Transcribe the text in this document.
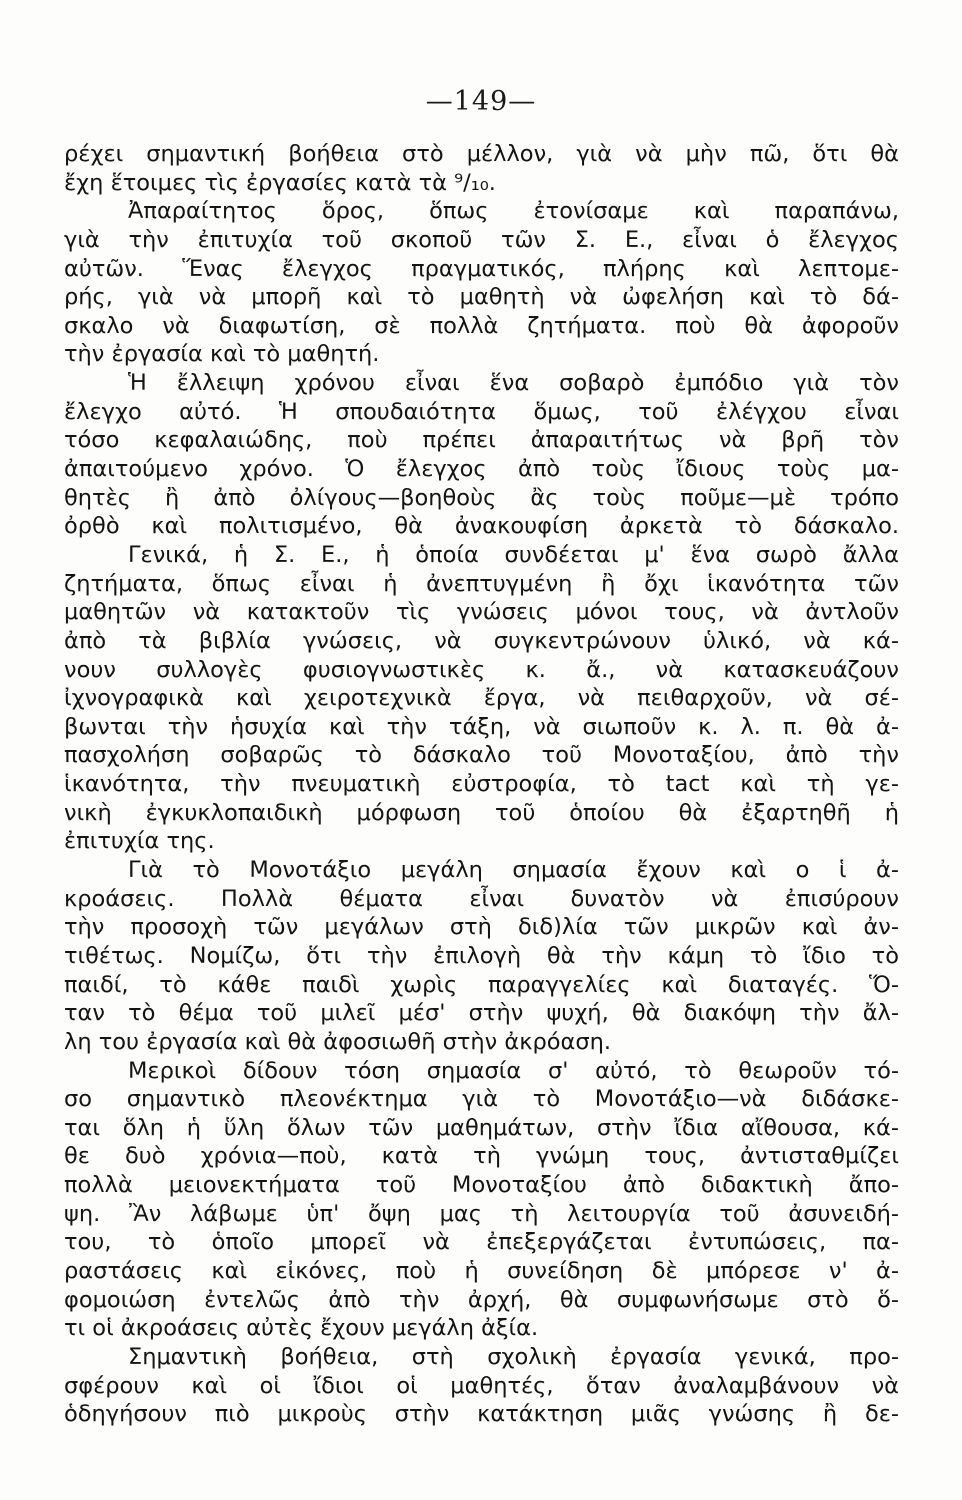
—149—
ρέχει σημαντική βοήθεια στὸ μέλλον, γιὰ νὰ μὴν πῶ, ὅτι θὰ
ἔχη ἕτοιμες τὶς ἐργασίες κατὰ τὰ ⁹/₁₀.
Ἀπαραίτητος ὅρος, ὅπως ἐτονίσαμε καὶ παραπάνω,
γιὰ τὴν ἐπιτυχία τοῦ σκοποῦ τῶν Σ. Ε., εἶναι ὁ ἔλεγχος
αὐτῶν. Ἕνας ἔλεγχος πραγματικός, πλήρης καὶ λεπτομε-
ρής, γιὰ νὰ μπορῆ καὶ τὸ μαθητὴ νὰ ὠφελήση καὶ τὸ δά-
σκαλο νὰ διαφωτίση, σὲ πολλὰ ζητήματα. ποὺ θὰ ἀφοροῦν
τὴν ἐργασία καὶ τὸ μαθητή.
Ἡ ἔλλειψη χρόνου εἶναι ἕνα σοβαρὸ ἐμπόδιο γιὰ τὸν
ἔλεγχο αὐτό. Ἡ σπουδαιότητα ὅμως, τοῦ ἐλέγχου εἶναι
τόσο κεφαλαιώδης, ποὺ πρέπει ἀπαραιτήτως νὰ βρῆ τὸν
ἀπαιτούμενο χρόνο. Ὁ ἔλεγχος ἀπὸ τοὺς ἴδιους τοὺς μα-
θητὲς ἢ ἀπὸ ὀλίγους—βοηθοὺς ἂς τοὺς ποῦμε—μὲ τρόπο
ὀρθὸ καὶ πολιτισμένο, θὰ ἀνακουφίση ἀρκετὰ τὸ δάσκαλο.
Γενικά, ἡ Σ. Ε., ἡ ὁποία συνδέεται μ' ἕνα σωρὸ ἄλλα
ζητήματα, ὅπως εἶναι ἡ ἀνεπτυγμένη ἢ ὄχι ἱκανότητα τῶν
μαθητῶν νὰ κατακτοῦν τὶς γνώσεις μόνοι τους, νὰ ἀντλοῦν
ἀπὸ τὰ βιβλία γνώσεις, νὰ συγκεντρώνουν ὑλικό, νὰ κά-
νουν συλλογὲς φυσιογνωστικὲς κ. ἄ., νὰ κατασκευάζουν
ἰχνογραφικὰ καὶ χειροτεχνικὰ ἔργα, νὰ πειθαρχοῦν, νὰ σέ-
βωνται τὴν ἡσυχία καὶ τὴν τάξη, νὰ σιωποῦν κ. λ. π. θὰ ἀ-
πασχολήση σοβαρῶς τὸ δάσκαλο τοῦ Μονοταξίου, ἀπὸ τὴν
ἱκανότητα, τὴν πνευματικὴ εὐστροφία, τὸ tact καὶ τὴ γε-
νικὴ ἐγκυκλοπαιδικὴ μόρφωση τοῦ ὁποίου θὰ ἐξαρτηθῆ ἡ
ἐπιτυχία της.
Γιὰ τὸ Μονοτάξιο μεγάλη σημασία ἔχουν καὶ ο ἱ ἀ-
κροάσεις. Πολλὰ θέματα εἶναι δυνατὸν νὰ ἐπισύρουν
τὴν προσοχὴ τῶν μεγάλων στὴ διδ)λία τῶν μικρῶν καὶ ἀν-
τιθέτως. Νομίζω, ὅτι τὴν ἐπιλογὴ θὰ τὴν κάμη τὸ ἴδιο τὸ
παιδί, τὸ κάθε παιδὶ χωρὶς παραγγελίες καὶ διαταγές. Ὅ-
ταν τὸ θέμα τοῦ μιλεῖ μέσ' στὴν ψυχή, θὰ διακόψη τὴν ἄλ-
λη του ἐργασία καὶ θὰ ἀφοσιωθῆ στὴν ἀκρόαση.
Μερικοὶ δίδουν τόση σημασία σ' αὐτό, τὸ θεωροῦν τό-
σο σημαντικὸ πλεονέκτημα γιὰ τὸ Μονοτάξιο—νὰ διδάσκε-
ται ὅλη ἡ ὕλη ὅλων τῶν μαθημάτων, στὴν ἴδια αἴθουσα, κά-
θε δυὸ χρόνια—ποὺ, κατὰ τὴ γνώμη τους, ἀντισταθμίζει
πολλὰ μειονεκτήματα τοῦ Μονοταξίου ἀπὸ διδακτικὴ ἄπο-
ψη. Ἂν λάβωμε ὑπ' ὄψη μας τὴ λειτουργία τοῦ ἀσυνειδή-
του, τὸ ὁποῖο μπορεῖ νὰ ἐπεξεργάζεται ἐντυπώσεις, πα-
ραστάσεις καὶ εἰκόνες, ποὺ ἡ συνείδηση δὲ μπόρεσε ν' ἀ-
φομοιώση ἐντελῶς ἀπὸ τὴν ἀρχή, θὰ συμφωνήσωμε στὸ ὅ-
τι οἱ ἀκροάσεις αὐτὲς ἔχουν μεγάλη ἀξία.
Σημαντικὴ βοήθεια, στὴ σχολικὴ ἐργασία γενικά, προ-
σφέρουν καὶ οἱ ἴδιοι οἱ μαθητές, ὅταν ἀναλαμβάνουν νὰ
ὁδηγήσουν πιὸ μικροὺς στὴν κατάκτηση μιᾶς γνώσης ἢ δε-
